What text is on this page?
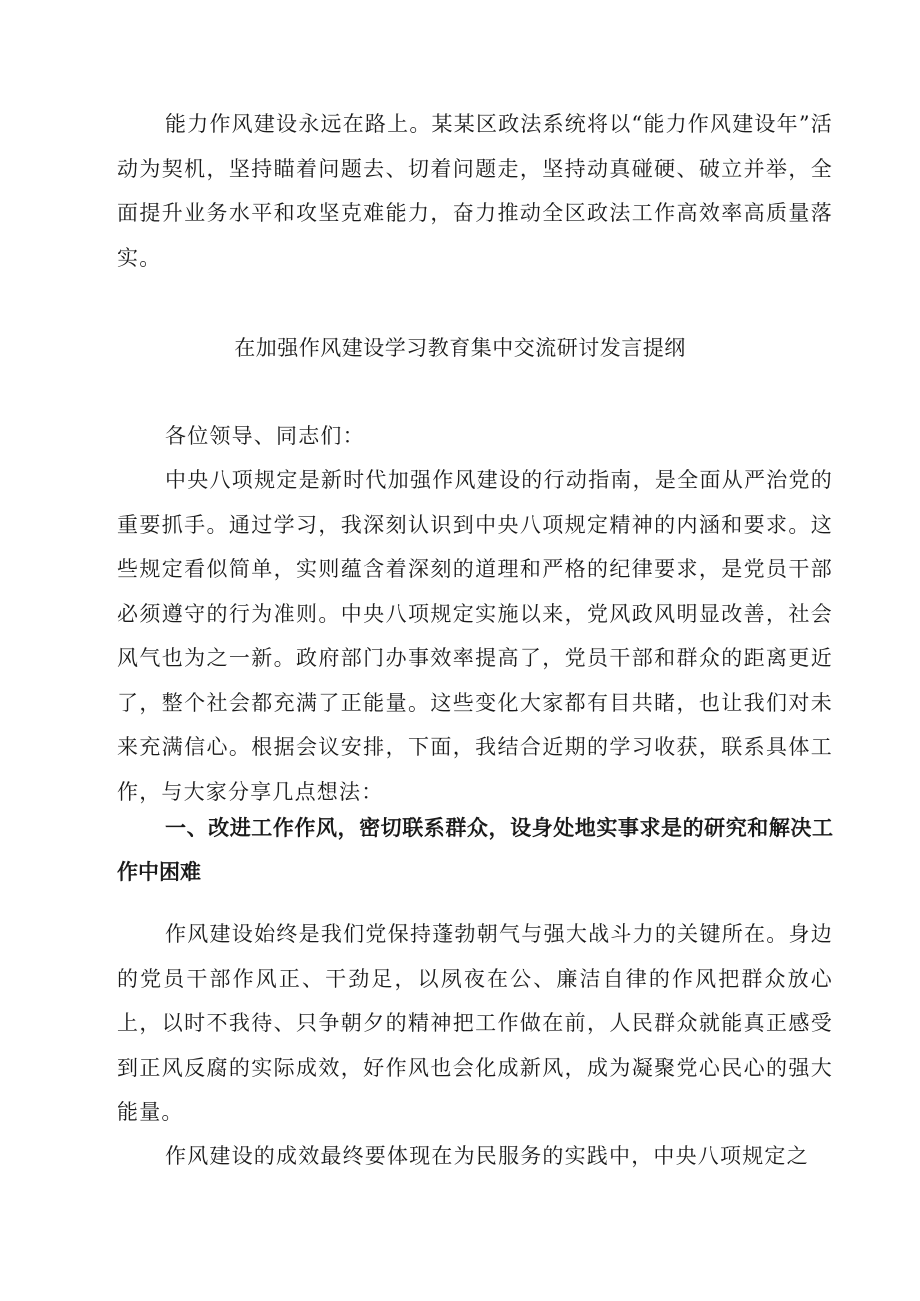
能力作风建设永远在路上。某某区政法系统将以“能力作风建设年”活动为契机，坚持瞄着问题去、切着问题走，坚持动真碰硬、破立并举，全面提升业务水平和攻坚克难能力，奋力推动全区政法工作高效率高质量落实。

在加强作风建设学习教育集中交流研讨发言提纲

各位领导、同志们：

中央八项规定是新时代加强作风建设的行动指南，是全面从严治党的重要抓手。通过学习，我深刻认识到中央八项规定精神的内涵和要求。这些规定看似简单，实则蕴含着深刻的道理和严格的纪律要求，是党员干部必须遵守的行为准则。中央八项规定实施以来，党风政风明显改善，社会风气也为之一新。政府部门办事效率提高了，党员干部和群众的距离更近了，整个社会都充满了正能量。这些变化大家都有目共睹，也让我们对未来充满信心。根据会议安排，下面，我结合近期的学习收获，联系具体工作，与大家分享几点想法：

一、改进工作作风，密切联系群众，设身处地实事求是的研究和解决工作中困难

作风建设始终是我们党保持蓬勃朝气与强大战斗力的关键所在。身边的党员干部作风正、干劲足，以夙夜在公、廉洁自律的作风把群众放心上，以时不我待、只争朝夕的精神把工作做在前，人民群众就能真正感受到正风反腐的实际成效，好作风也会化成新风，成为凝聚党心民心的强大能量。

作风建设的成效最终要体现在为民服务的实践中，中央八项规定之
